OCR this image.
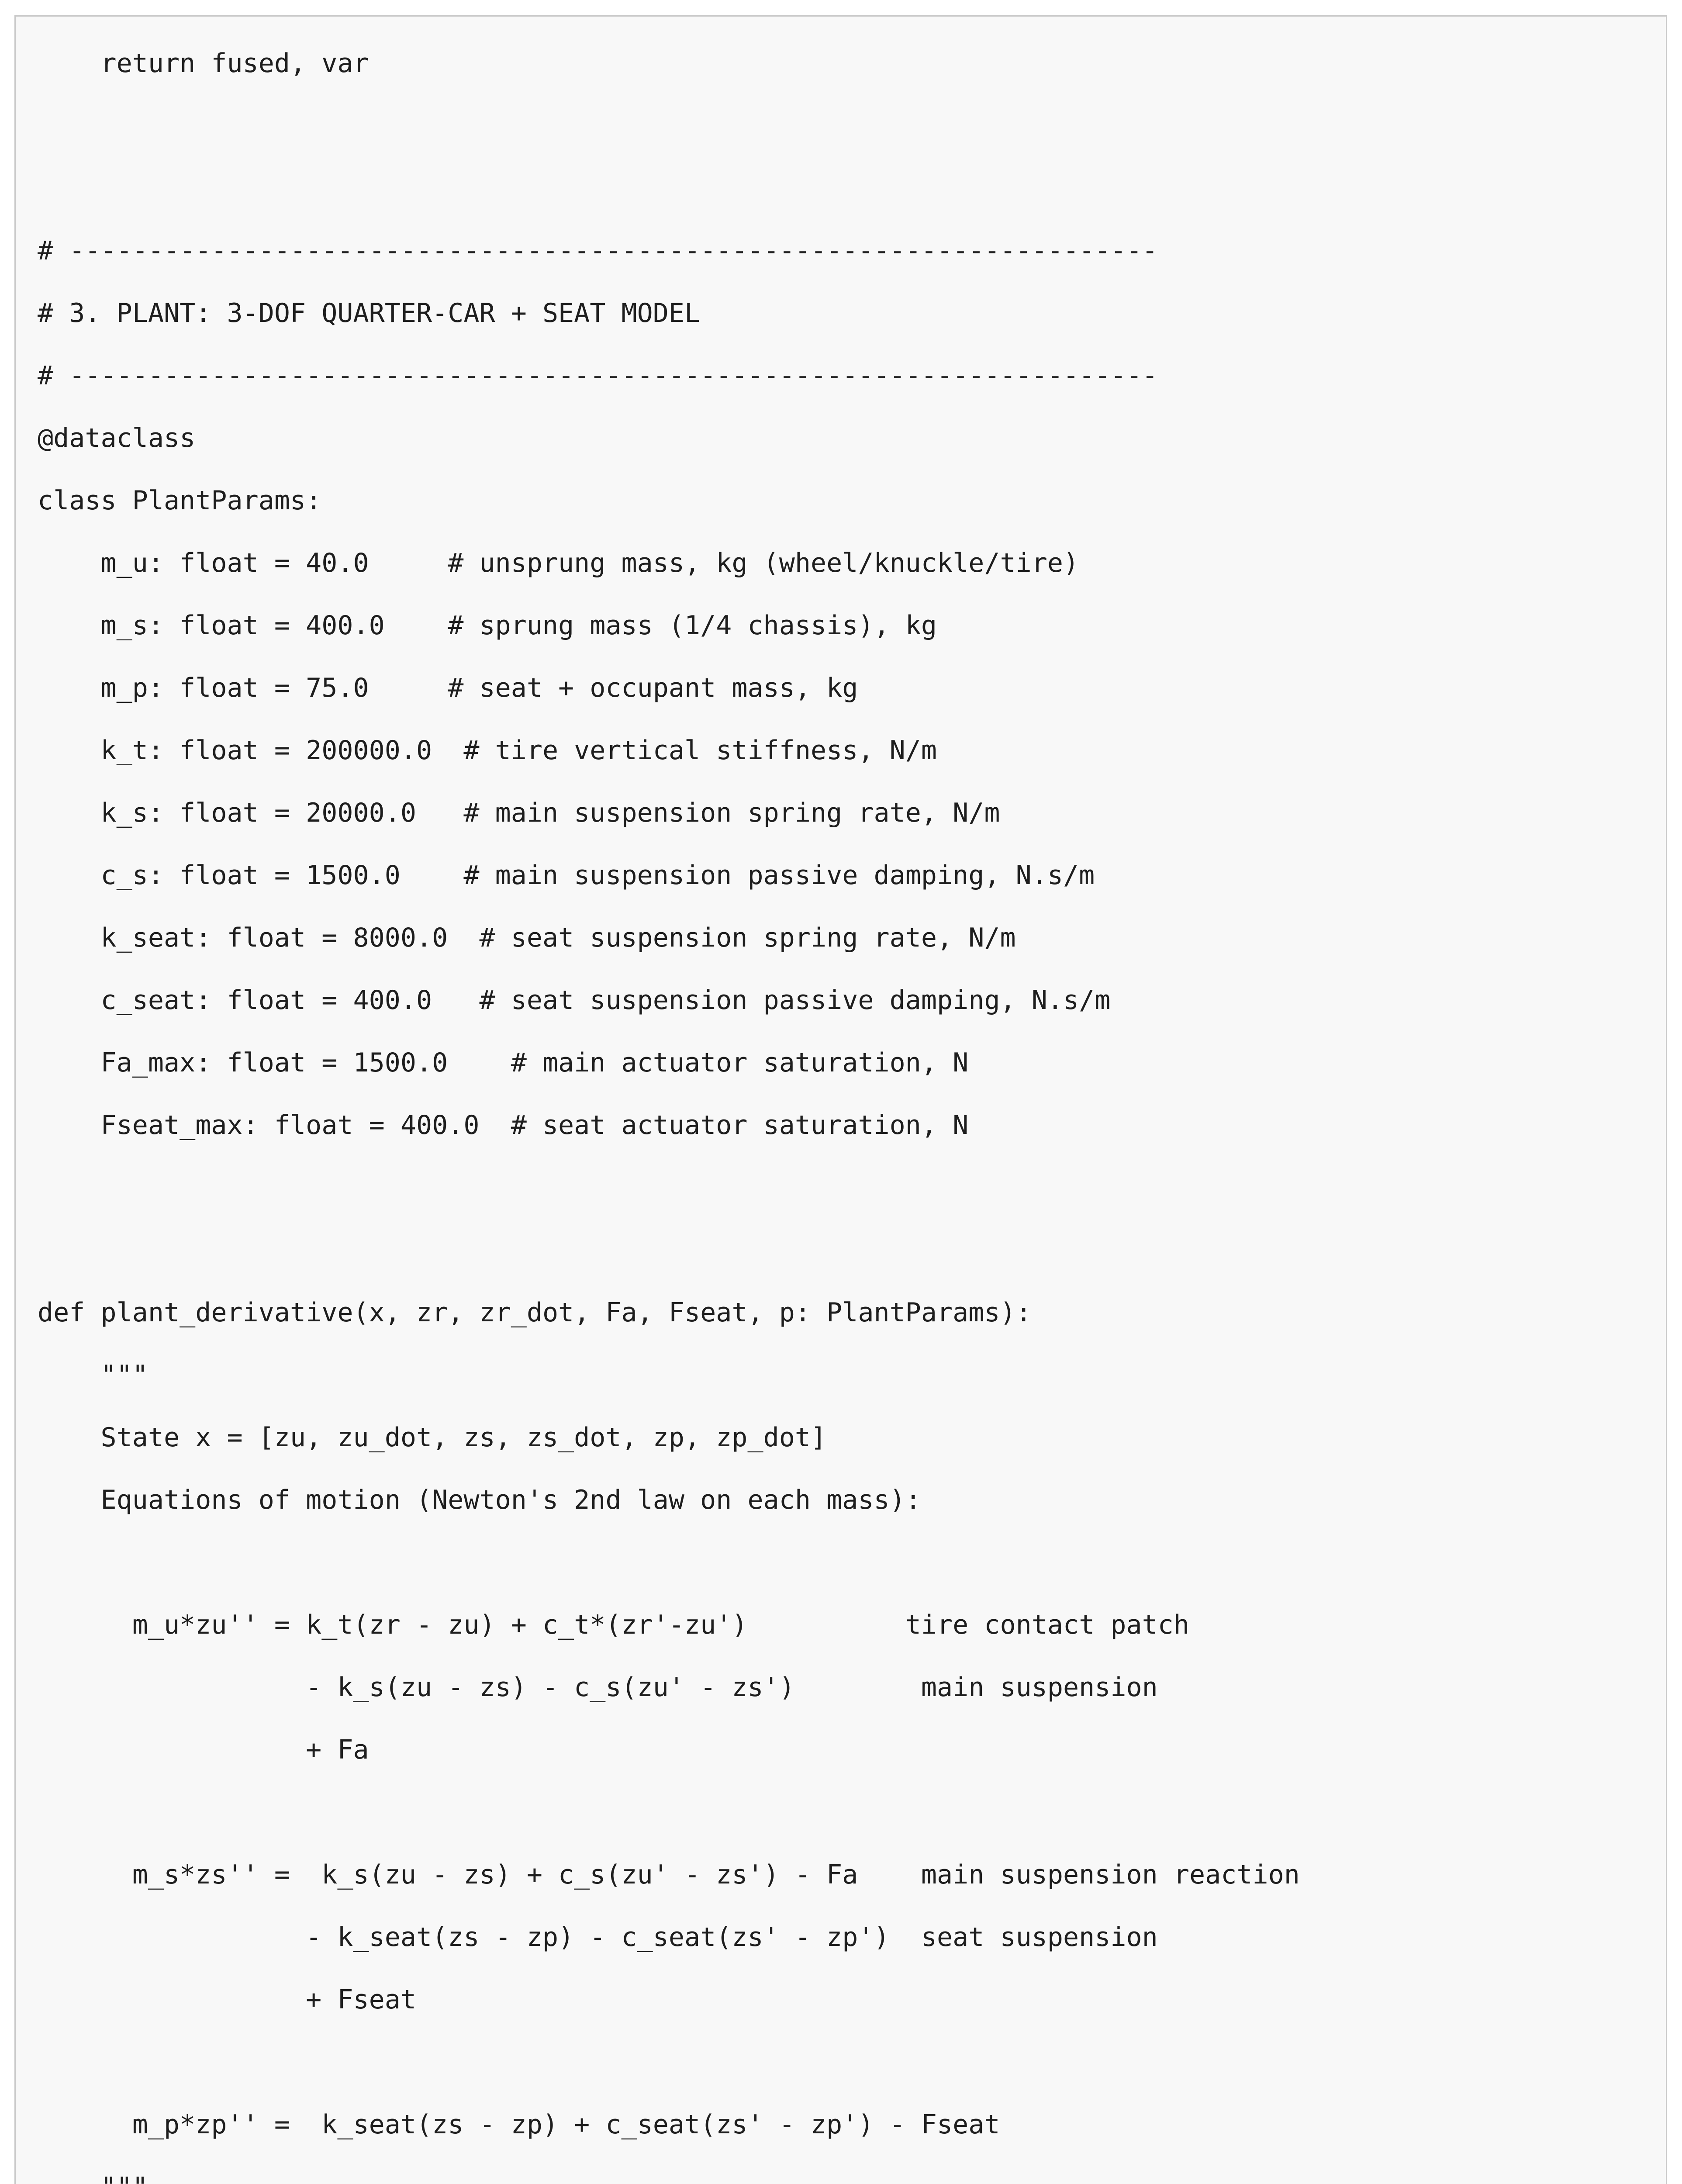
return fused, var
# ---------------------------------------------------------------------
# 3. PLANT: 3-DOF QUARTER-CAR + SEAT MODEL
# ---------------------------------------------------------------------
@dataclass
class PlantParams:
m_u: float = 40.0     # unsprung mass, kg (wheel/knuckle/tire)
m_s: float = 400.0    # sprung mass (1/4 chassis), kg
m_p: float = 75.0     # seat + occupant mass, kg
k_t: float = 200000.0  # tire vertical stiffness, N/m
k_s: float = 20000.0   # main suspension spring rate, N/m
c_s: float = 1500.0    # main suspension passive damping, N.s/m
k_seat: float = 8000.0  # seat suspension spring rate, N/m
c_seat: float = 400.0   # seat suspension passive damping, N.s/m
Fa_max: float = 1500.0    # main actuator saturation, N
Fseat_max: float = 400.0  # seat actuator saturation, N
def plant_derivative(x, zr, zr_dot, Fa, Fseat, p: PlantParams):
"""
State x = [zu, zu_dot, zs, zs_dot, zp, zp_dot]
Equations of motion (Newton's 2nd law on each mass):
m_u*zu'' = k_t(zr - zu) + c_t*(zr'-zu')          tire contact patch
- k_s(zu - zs) - c_s(zu' - zs')        main suspension
+ Fa
m_s*zs'' =  k_s(zu - zs) + c_s(zu' - zs') - Fa    main suspension reaction
- k_seat(zs - zp) - c_seat(zs' - zp')  seat suspension
+ Fseat
m_p*zp'' =  k_seat(zs - zp) + c_seat(zs' - zp') - Fseat
